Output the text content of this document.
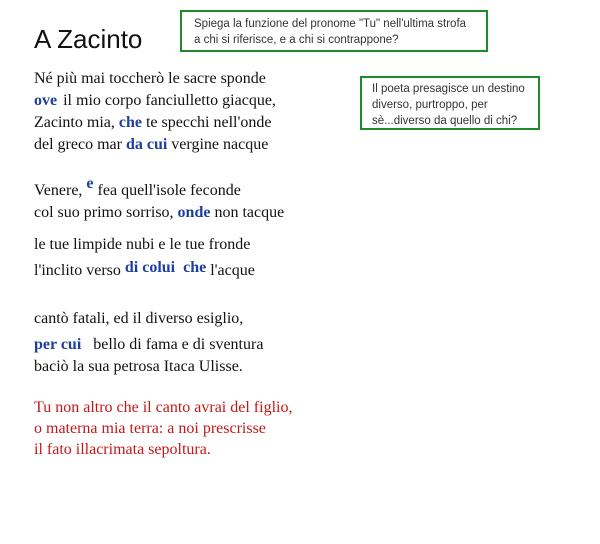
A Zacinto	Spiega la funzione del pronome "Tu" nell'ultima strofa
a chi si riferisce, e a chi si contrappone?
Il poeta presagisce un destino
diverso, purtroppo, per
sè...diverso da quello di chi?
Né più mai toccherò le sacre sponde
ove il mio corpo fanciulletto giacque,
Zacinto mia, che te specchi nell'onde
del greco mar da cui vergine nacque
Venere, e fea quell'isole feconde
col suo primo sorriso, onde non tacque
le tue limpide nubi e le tue fronde
l'inclito verso di colui che l'acque
cantò fatali, ed il diverso esiglio,
per cui bello di fama e di sventura
baciò la sua petrosa Itaca Ulisse.
Tu non altro che il canto avrai del figlio,
o materna mia terra: a noi prescrisse
il fato illacrimata sepoltura.
